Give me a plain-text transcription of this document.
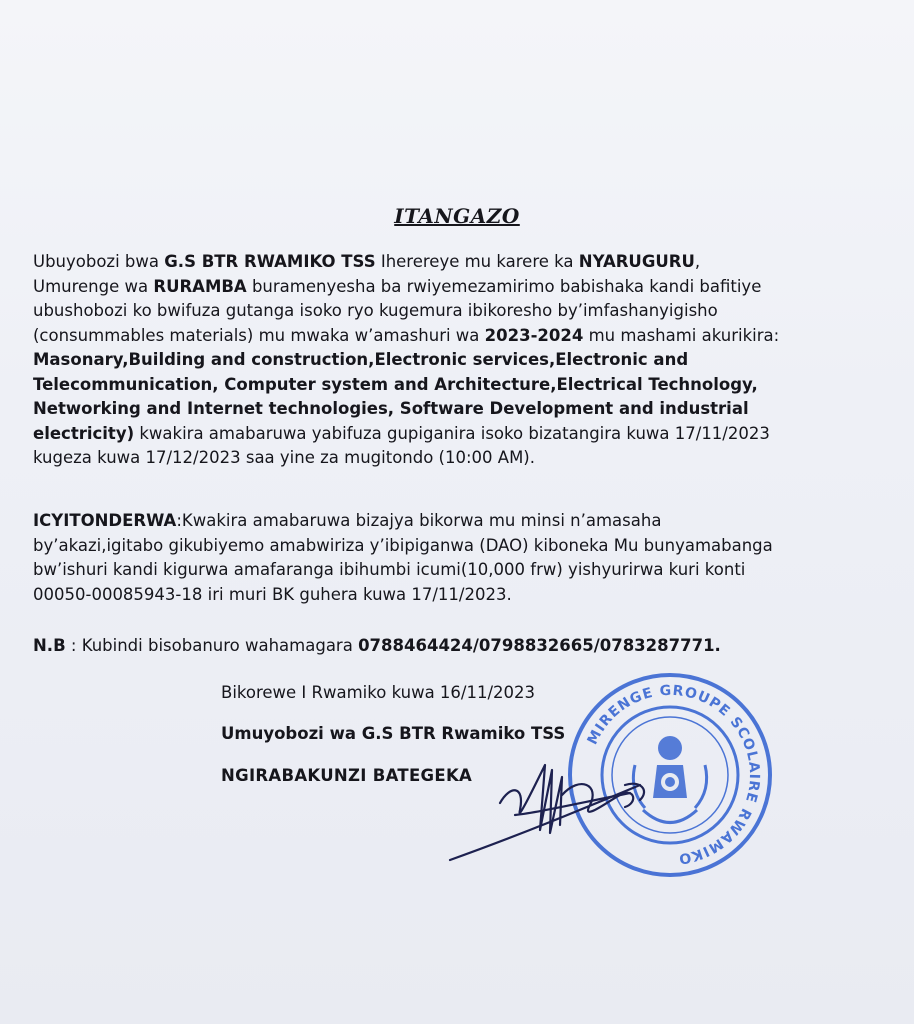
ITANGAZO
Ubuyobozi bwa G.S BTR RWAMIKO TSS Iherereye mu karere ka NYARUGURU,
Umurenge wa RURAMBA buramenyesha ba rwiyemezamirimo babishaka kandi bafitiye
ubushobozi ko bwifuza gutanga isoko ryo kugemura ibikoresho by’imfashanyigisho
(consummables materials) mu mwaka w’amashuri wa 2023-2024 mu mashami akurikira:
Masonary,Building and construction,Electronic services,Electronic and
Telecommunication, Computer system and Architecture,Electrical Technology,
Networking and Internet technologies, Software Development and industrial
electricity) kwakira amabaruwa yabifuza gupiganira isoko bizatangira kuwa 17/11/2023
kugeza kuwa 17/12/2023 saa yine za mugitondo (10:00 AM).
ICYITONDERWA:Kwakira amabaruwa bizajya bikorwa mu minsi n’amasaha
by’akazi,igitabo gikubiyemo amabwiriza y’ibipiganwa (DAO) kiboneka Mu bunyamabanga
bw’ishuri kandi kigurwa amafaranga ibihumbi icumi(10,000 frw) yishyurirwa kuri konti
00050-00085943-18 iri muri BK guhera kuwa 17/11/2023.
N.B : Kubindi bisobanuro wahamagara 0788464424/0798832665/0783287771.
Bikorewe I Rwamiko kuwa 16/11/2023
Umuyobozi wa G.S BTR Rwamiko TSS
NGIRABAKUNZI BATEGEKA
MIRENGE GROUPE SCOLAIRE RWAMIKO
